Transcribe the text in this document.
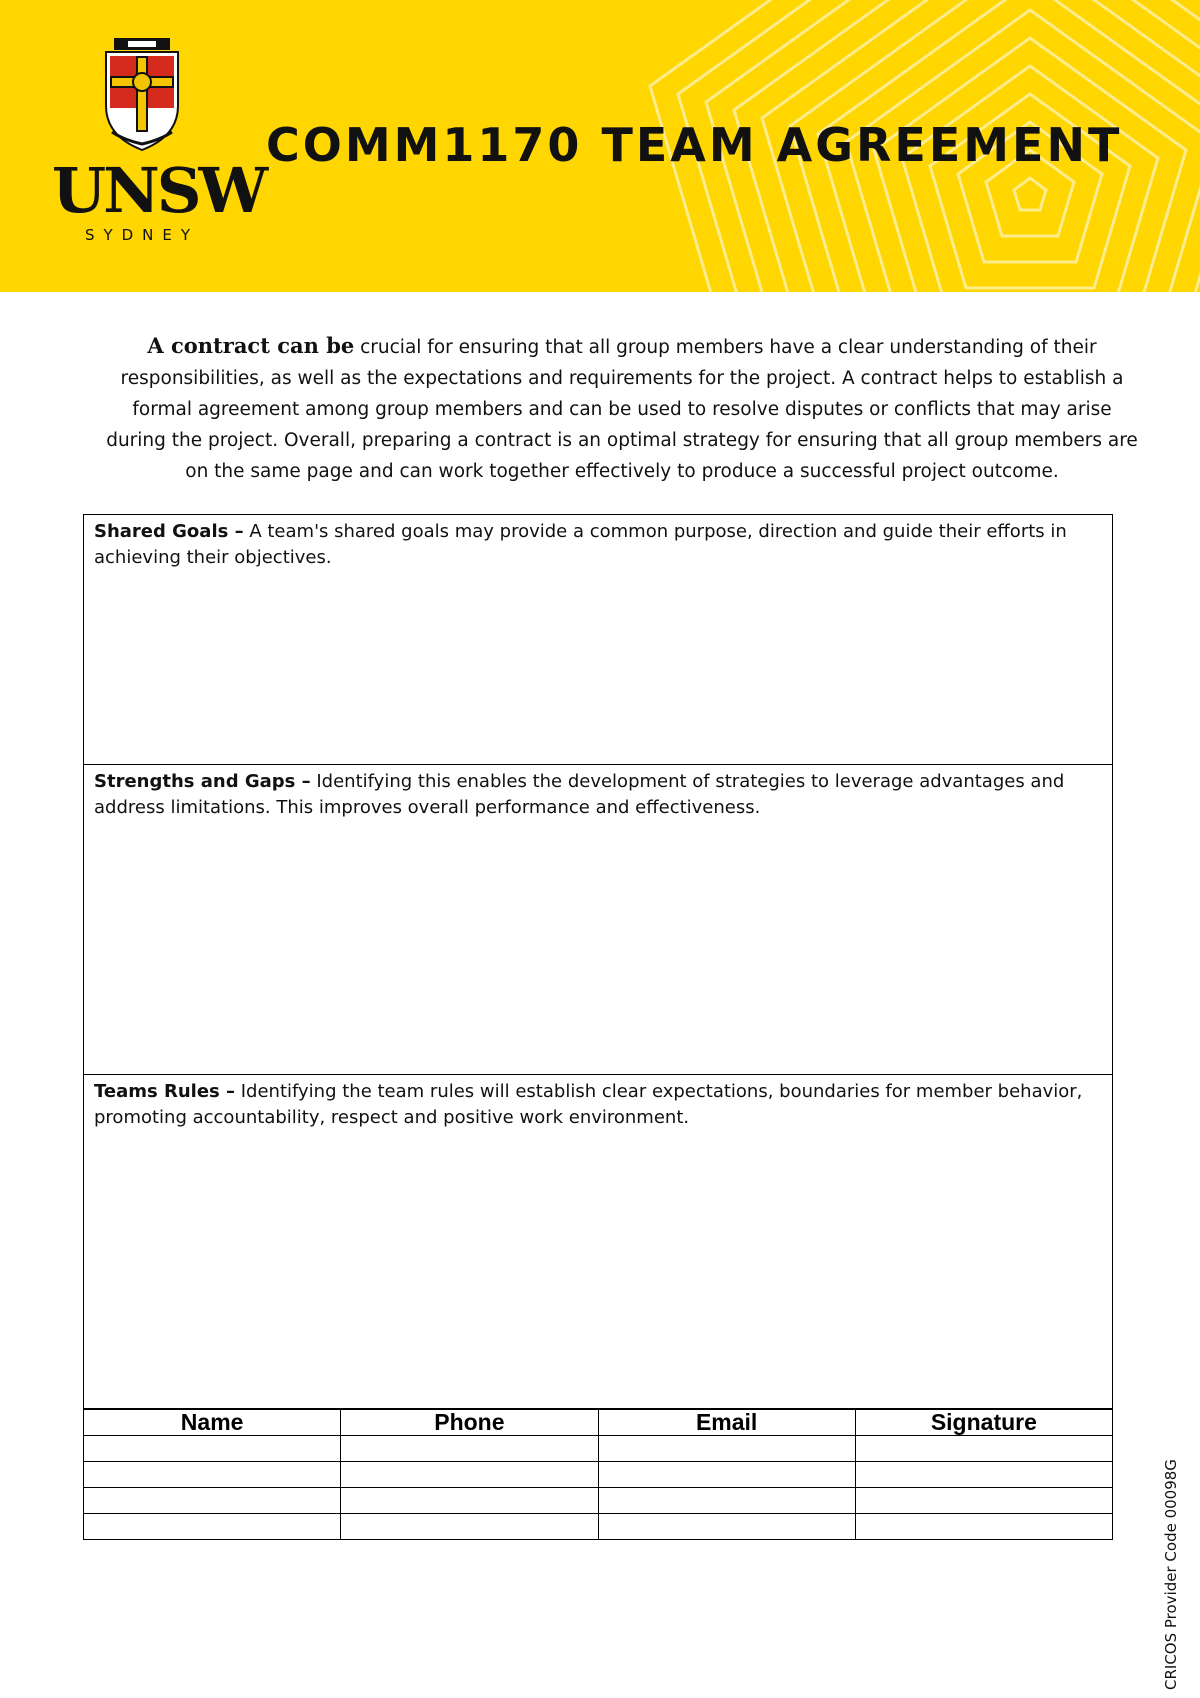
UNSW
SYDNEY
COMM1170 TEAM AGREEMENT
A contract can be crucial for ensuring that all group members have a clear understanding of their responsibilities, as well as the expectations and requirements for the project. A contract helps to establish a formal agreement among group members and can be used to resolve disputes or conflicts that may arise during the project. Overall, preparing a contract is an optimal strategy for ensuring that all group members are on the same page and can work together effectively to produce a successful project outcome.
Shared Goals – A team's shared goals may provide a common purpose, direction and guide their efforts in achieving their objectives.
Strengths and Gaps – Identifying this enables the development of strategies to leverage advantages and address limitations. This improves overall performance and effectiveness.
Teams Rules – Identifying the team rules will establish clear expectations, boundaries for member behavior, promoting accountability, respect and positive work environment.
Name	Phone	Email	Signature

CRICOS Provider Code 00098G
